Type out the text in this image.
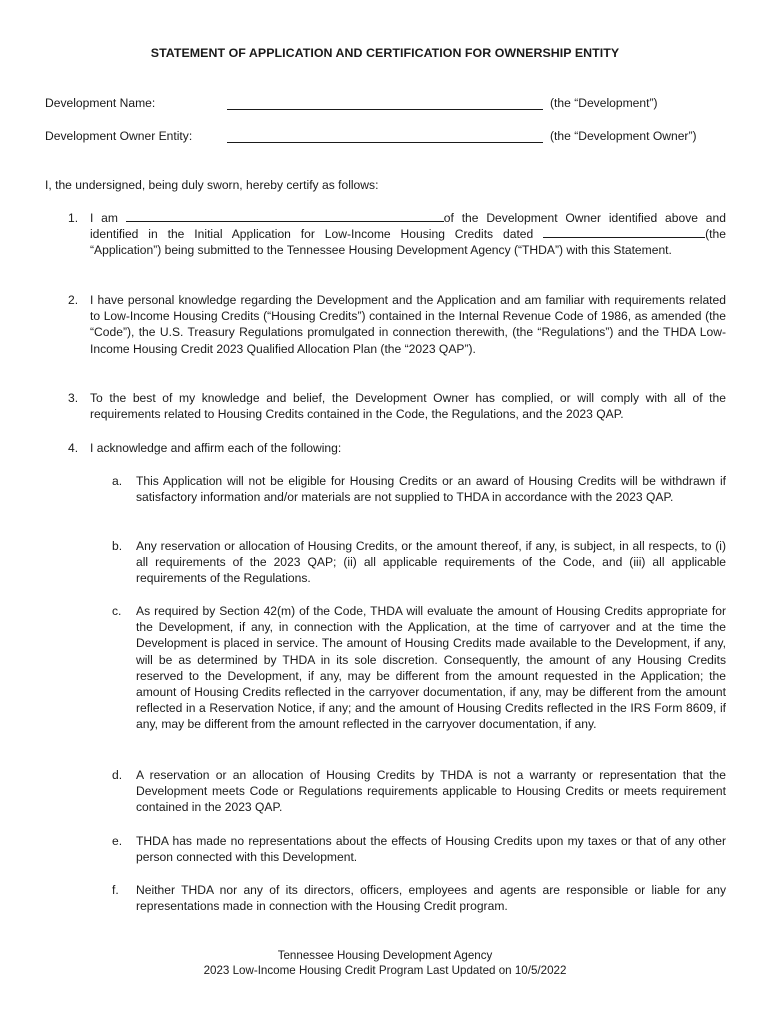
STATEMENT OF APPLICATION AND CERTIFICATION FOR OWNERSHIP ENTITY
Development Name:	(the “Development”)
Development Owner Entity:	(the “Development Owner”)
I, the undersigned, being duly sworn, hereby certify as follows:
1. I am	of the Development Owner identified above and identified in the Initial Application for Low-Income Housing Credits dated	(the “Application”) being submitted to the Tennessee Housing Development Agency (“THDA”) with this Statement.
2. I have personal knowledge regarding the Development and the Application and am familiar with requirements related to Low-Income Housing Credits (“Housing Credits”) contained in the Internal Revenue Code of 1986, as amended (the “Code”), the U.S. Treasury Regulations promulgated in connection therewith, (the “Regulations”) and the THDA Low-Income Housing Credit 2023 Qualified Allocation Plan (the “2023 QAP”).
3. To the best of my knowledge and belief, the Development Owner has complied, or will comply with all of the requirements related to Housing Credits contained in the Code, the Regulations, and the 2023 QAP.
4. I acknowledge and affirm each of the following:
a. This Application will not be eligible for Housing Credits or an award of Housing Credits will be withdrawn if satisfactory information and/or materials are not supplied to THDA in accordance with the 2023 QAP.
b. Any reservation or allocation of Housing Credits, or the amount thereof, if any, is subject, in all respects, to (i) all requirements of the 2023 QAP; (ii) all applicable requirements of the Code, and (iii) all applicable requirements of the Regulations.
c. As required by Section 42(m) of the Code, THDA will evaluate the amount of Housing Credits appropriate for the Development, if any, in connection with the Application, at the time of carryover and at the time the Development is placed in service. The amount of Housing Credits made available to the Development, if any, will be as determined by THDA in its sole discretion. Consequently, the amount of any Housing Credits reserved to the Development, if any, may be different from the amount requested in the Application; the amount of Housing Credits reflected in the carryover documentation, if any, may be different from the amount reflected in a Reservation Notice, if any; and the amount of Housing Credits reflected in the IRS Form 8609, if any, may be different from the amount reflected in the carryover documentation, if any.
d. A reservation or an allocation of Housing Credits by THDA is not a warranty or representation that the Development meets Code or Regulations requirements applicable to Housing Credits or meets requirement contained in the 2023 QAP.
e. THDA has made no representations about the effects of Housing Credits upon my taxes or that of any other person connected with this Development.
f. Neither THDA nor any of its directors, officers, employees and agents are responsible or liable for any representations made in connection with the Housing Credit program.
Tennessee Housing Development Agency
2023 Low-Income Housing Credit Program Last Updated on 10/5/2022
